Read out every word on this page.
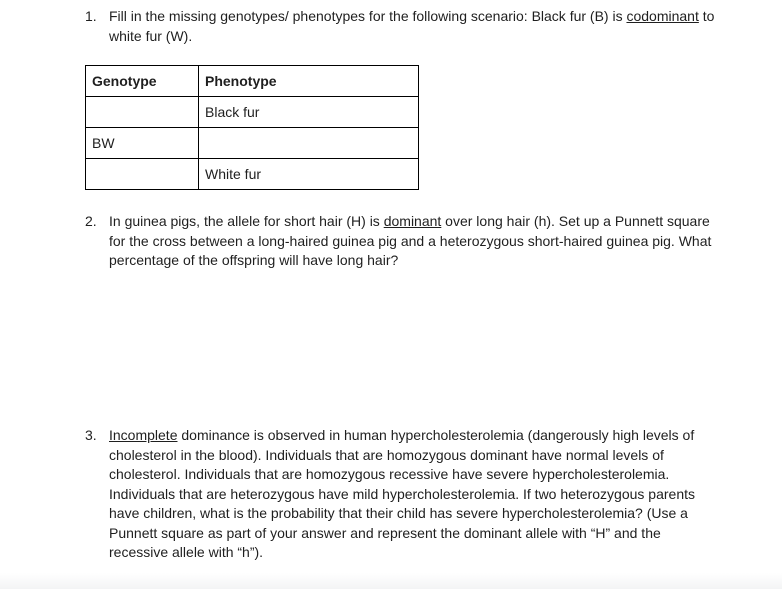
1. Fill in the missing genotypes/ phenotypes for the following scenario: Black fur (B) is codominant to white fur (W).
Genotype	Phenotype
	Black fur
BW	
	White fur
2. In guinea pigs, the allele for short hair (H) is dominant over long hair (h). Set up a Punnett square for the cross between a long-haired guinea pig and a heterozygous short-haired guinea pig. What percentage of the offspring will have long hair?
3. Incomplete dominance is observed in human hypercholesterolemia (dangerously high levels of cholesterol in the blood). Individuals that are homozygous dominant have normal levels of cholesterol. Individuals that are homozygous recessive have severe hypercholesterolemia. Individuals that are heterozygous have mild hypercholesterolemia. If two heterozygous parents have children, what is the probability that their child has severe hypercholesterolemia? (Use a Punnett square as part of your answer and represent the dominant allele with “H” and the recessive allele with “h”).
